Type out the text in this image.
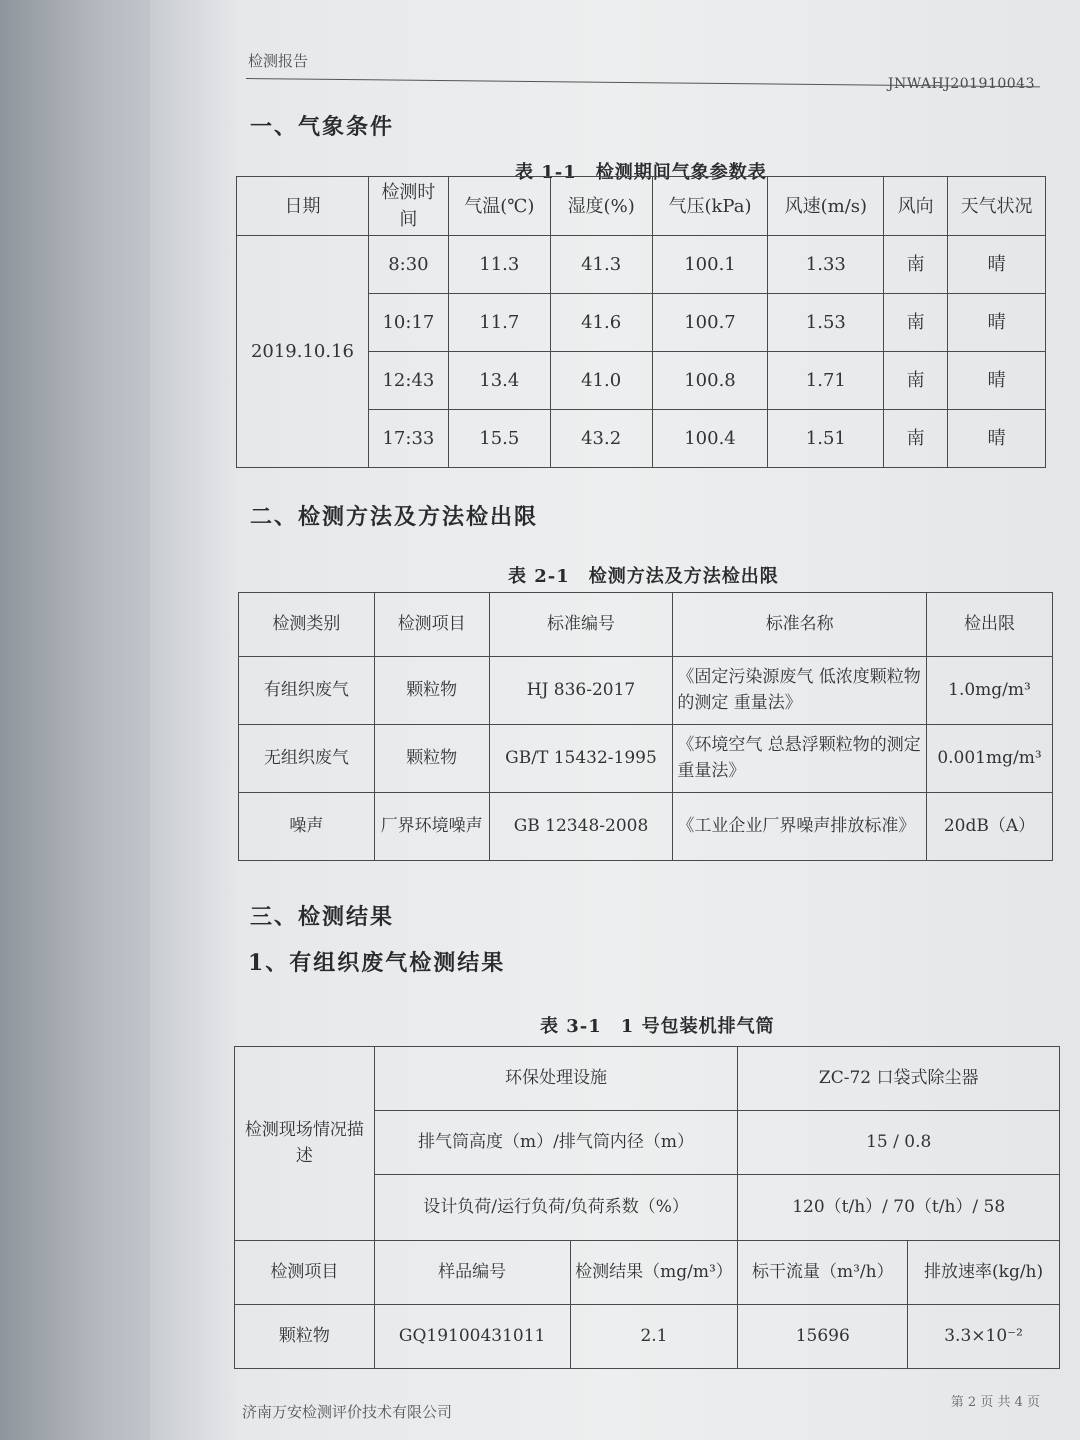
检测报告
JNWAHJ201910043
一、气象条件
表 1-1　检测期间气象参数表
日期	检测时间	气温(℃)	湿度(%)	气压(kPa)	风速(m/s)	风向	天气状况
2019.10.16	8:30	11.3	41.3	100.1	1.33	南	晴
	10:17	11.7	41.6	100.7	1.53	南	晴
	12:43	13.4	41.0	100.8	1.71	南	晴
	17:33	15.5	43.2	100.4	1.51	南	晴
二、检测方法及方法检出限
表 2-1　检测方法及方法检出限
检测类别	检测项目	标准编号	标准名称	检出限
有组织废气	颗粒物	HJ 836-2017	《固定污染源废气 低浓度颗粒物的测定 重量法》	1.0mg/m³
无组织废气	颗粒物	GB/T 15432-1995	《环境空气 总悬浮颗粒物的测定 重量法》	0.001mg/m³
噪声	厂界环境噪声	GB 12348-2008	《工业企业厂界噪声排放标准》	20dB（A）
三、检测结果
1、有组织废气检测结果
表 3-1　1 号包装机排气筒
检测现场情况描述	环保处理设施		ZC-72 口袋式除尘器	
	排气筒高度（m）/排气筒内径（m）		15 / 0.8	
	设计负荷/运行负荷/负荷系数（%）		120（t/h）/ 70（t/h）/ 58	
检测项目	样品编号	检测结果（mg/m³）	标干流量（m³/h）	排放速率(kg/h)
颗粒物	GQ19100431011	2.1	15696	3.3×10⁻²
济南万安检测评价技术有限公司
第 2 页 共 4 页
